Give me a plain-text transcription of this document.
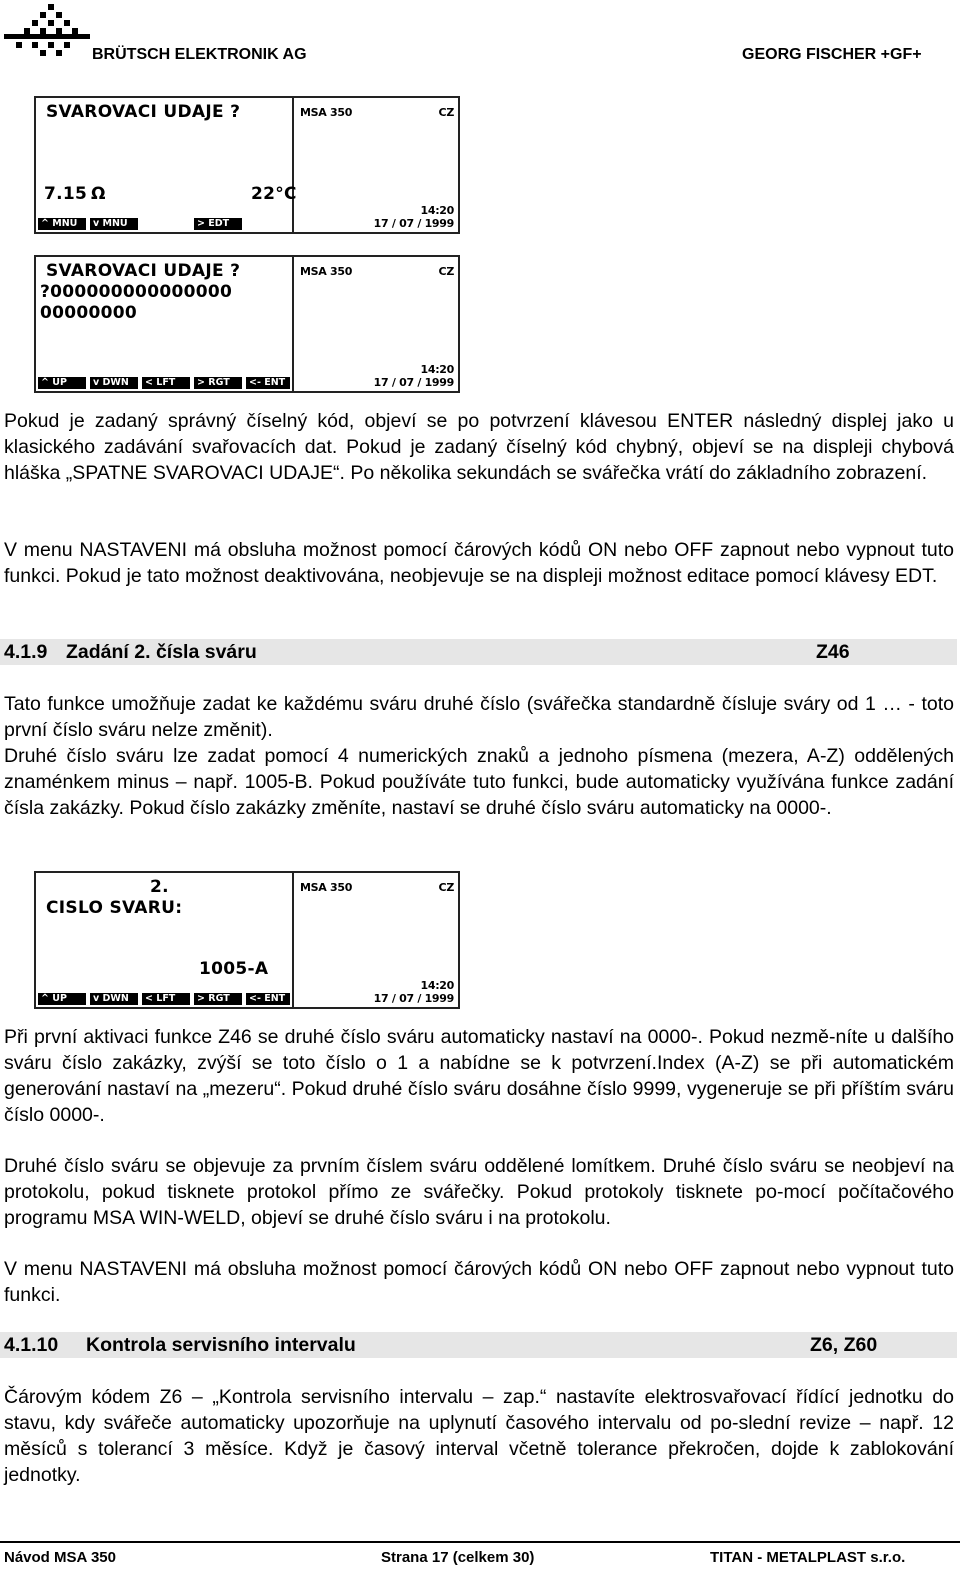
BRÜTSCH ELEKTRONIK AG	GEORG FISCHER +GF+
SVAROVACI UDAJE ?
7.15 Ω	22°C
^ MNU	v MNU	> EDT
MSA 350	CZ
14:20
17 / 07 / 1999
SVAROVACI UDAJE ?
?000000000000000
00000000
^ UP	v DWN	< LFT	> RGT	<- ENT
MSA 350	CZ
14:20
17 / 07 / 1999

Pokud je zadaný správný číselný kód, objeví se po potvrzení klávesou ENTER následný displej jako u klasického zadávání svařovacích dat. Pokud je zadaný číselný kód chybný, objeví se na displeji chybová hláška „SPATNE SVAROVACI UDAJE“. Po několika sekundách se svářečka vrátí do základního zobrazení.

V menu NASTAVENI má obsluha možnost pomocí čárových kódů ON nebo OFF zapnout nebo vypnout tuto funkci. Pokud je tato možnost deaktivována, neobjevuje se na displeji možnost editace pomocí klávesy EDT.

4.1.9 Zadání 2. čísla sváru	Z46

Tato funkce umožňuje zadat ke každému sváru druhé číslo (svářečka standardně čísluje sváry od 1 … - toto první číslo sváru nelze změnit).

Druhé číslo sváru lze zadat pomocí 4 numerických znaků a jednoho písmena (mezera, A-Z) oddělených znaménkem minus – např. 1005-B. Pokud používáte tuto funkci, bude automaticky využívána funkce zadání čísla zakázky. Pokud číslo zakázky změníte, nastaví se druhé číslo sváru automaticky na 0000-.

2.
CISLO SVARU:
1005-A
^ UP	v DWN	< LFT	> RGT	<- ENT
MSA 350	CZ
14:20
17 / 07 / 1999

Při první aktivaci funkce Z46 se druhé číslo sváru automaticky nastaví na 0000-. Pokud nezmě-níte u dalšího sváru číslo zakázky, zvýší se toto číslo o 1 a nabídne se k potvrzení.Index (A-Z) se při automatickém generování nastaví na „mezeru“. Pokud druhé číslo sváru dosáhne číslo 9999, vygeneruje se při příštím sváru číslo 0000-.

Druhé číslo sváru se objevuje za prvním číslem sváru oddělené lomítkem. Druhé číslo sváru se neobjeví na protokolu, pokud tisknete protokol přímo ze svářečky. Pokud protokoly tisknete po-mocí počítačového programu MSA WIN-WELD, objeví se druhé číslo sváru i na protokolu.

V menu NASTAVENI má obsluha možnost pomocí čárových kódů ON nebo OFF zapnout nebo vypnout tuto funkci.

4.1.10 Kontrola servisního intervalu	Z6, Z60

Čárovým kódem Z6 – „Kontrola servisního intervalu – zap.“ nastavíte elektrosvařovací řídící jednotku do stavu, kdy svářeče automaticky upozorňuje na uplynutí časového intervalu od po-slední revize – např. 12 měsíců s tolerancí 3 měsíce. Když je časový interval včetně tolerance překročen, dojde k zablokování jednotky.

Návod MSA 350	Strana 17 (celkem 30)	TITAN - METALPLAST s.r.o.
